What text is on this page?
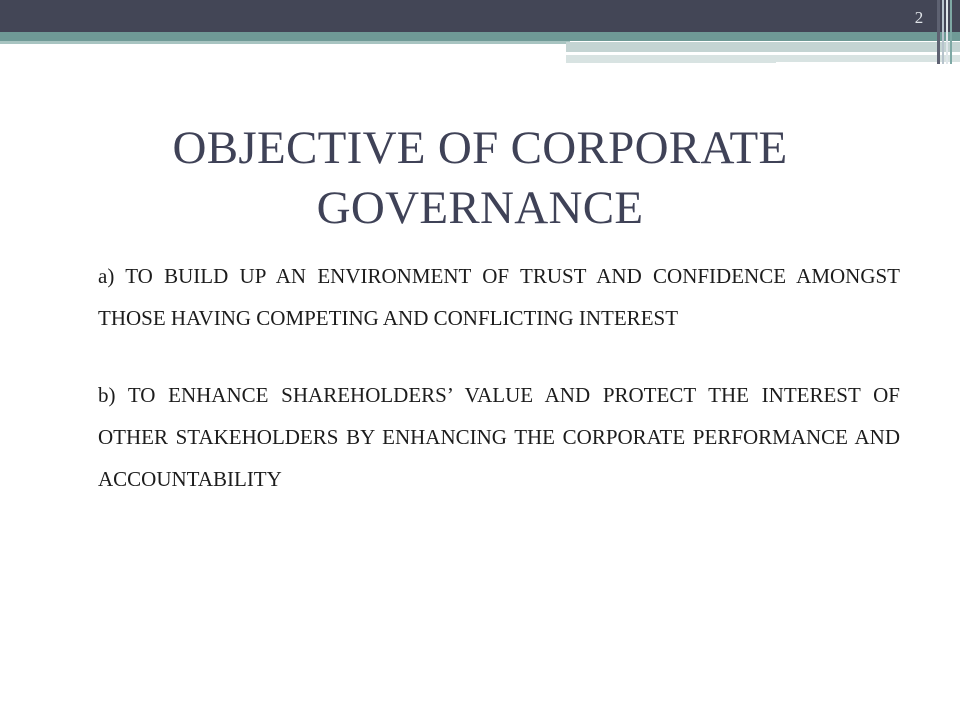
2
OBJECTIVE OF CORPORATE GOVERNANCE

a) TO BUILD UP AN ENVIRONMENT OF TRUST AND CONFIDENCE AMONGST THOSE HAVING COMPETING AND CONFLICTING INTEREST

b) TO ENHANCE SHAREHOLDERS’ VALUE AND PROTECT THE INTEREST OF OTHER STAKEHOLDERS BY ENHANCING THE CORPORATE PERFORMANCE AND ACCOUNTABILITY
